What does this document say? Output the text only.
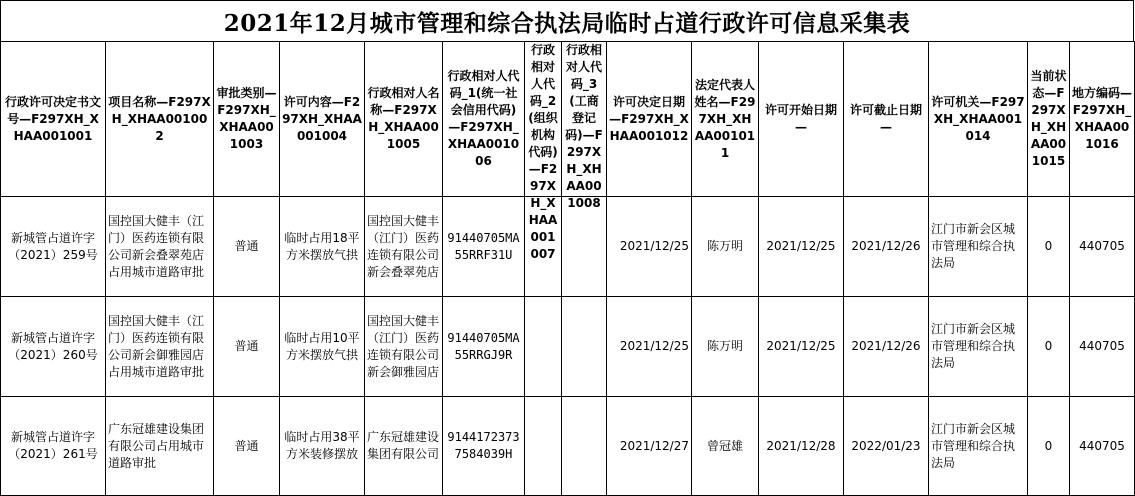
2021年12月城市管理和综合执法局临时占道行政许可信息采集表
行政许可决定书文号—F297XH_XHAA001001	项目名称—F297XH_XHAA001002	审批类别—F297XH_XHAA001003	许可内容—F297XH_XHAA001004	行政相对人名称—F297XH_XHAA001005	行政相对人代码_1(统一社会信用代码)—F297XH_XHAA001006	行政相对人代码_2(组织机构代码)—F297XH_XHAA001007	行政相对人代码_3(工商登记码)—F297XH_XHAA001008	许可决定日期—F297XH_XHAA001012	法定代表人姓名—F297XH_XHAA001011	许可开始日期—	许可截止日期—	许可机关—F297XH_XHAA001014	当前状态—F297XH_XHAA001015	地方编码—F297XH_XHAA001016

新城管占道许字（2021）259号	国控国大健丰（江门）医药连锁有限公司新会叠翠苑店占用城市道路审批	普通	临时占用18平方米摆放气拱	国控国大健丰（江门）医药连锁有限公司新会叠翠苑店	91440705MA55RRF31U			2021/12/25	陈万明	2021/12/25	2021/12/26	江门市新会区城市管理和综合执法局	0	440705
新城管占道许字（2021）260号	国控国大健丰（江门）医药连锁有限公司新会御雅园店占用城市道路审批	普通	临时占用10平方米摆放气拱	国控国大健丰（江门）医药连锁有限公司新会御雅园店	91440705MA55RRGJ9R			2021/12/25	陈万明	2021/12/25	2021/12/26	江门市新会区城市管理和综合执法局	0	440705
新城管占道许字（2021）261号	广东冠雄建设集团有限公司占用城市道路审批	普通	临时占用38平方米装修摆放	广东冠雄建设集团有限公司	91441723737584039H			2021/12/27	曾冠雄	2021/12/28	2022/01/23	江门市新会区城市管理和综合执法局	0	440705
